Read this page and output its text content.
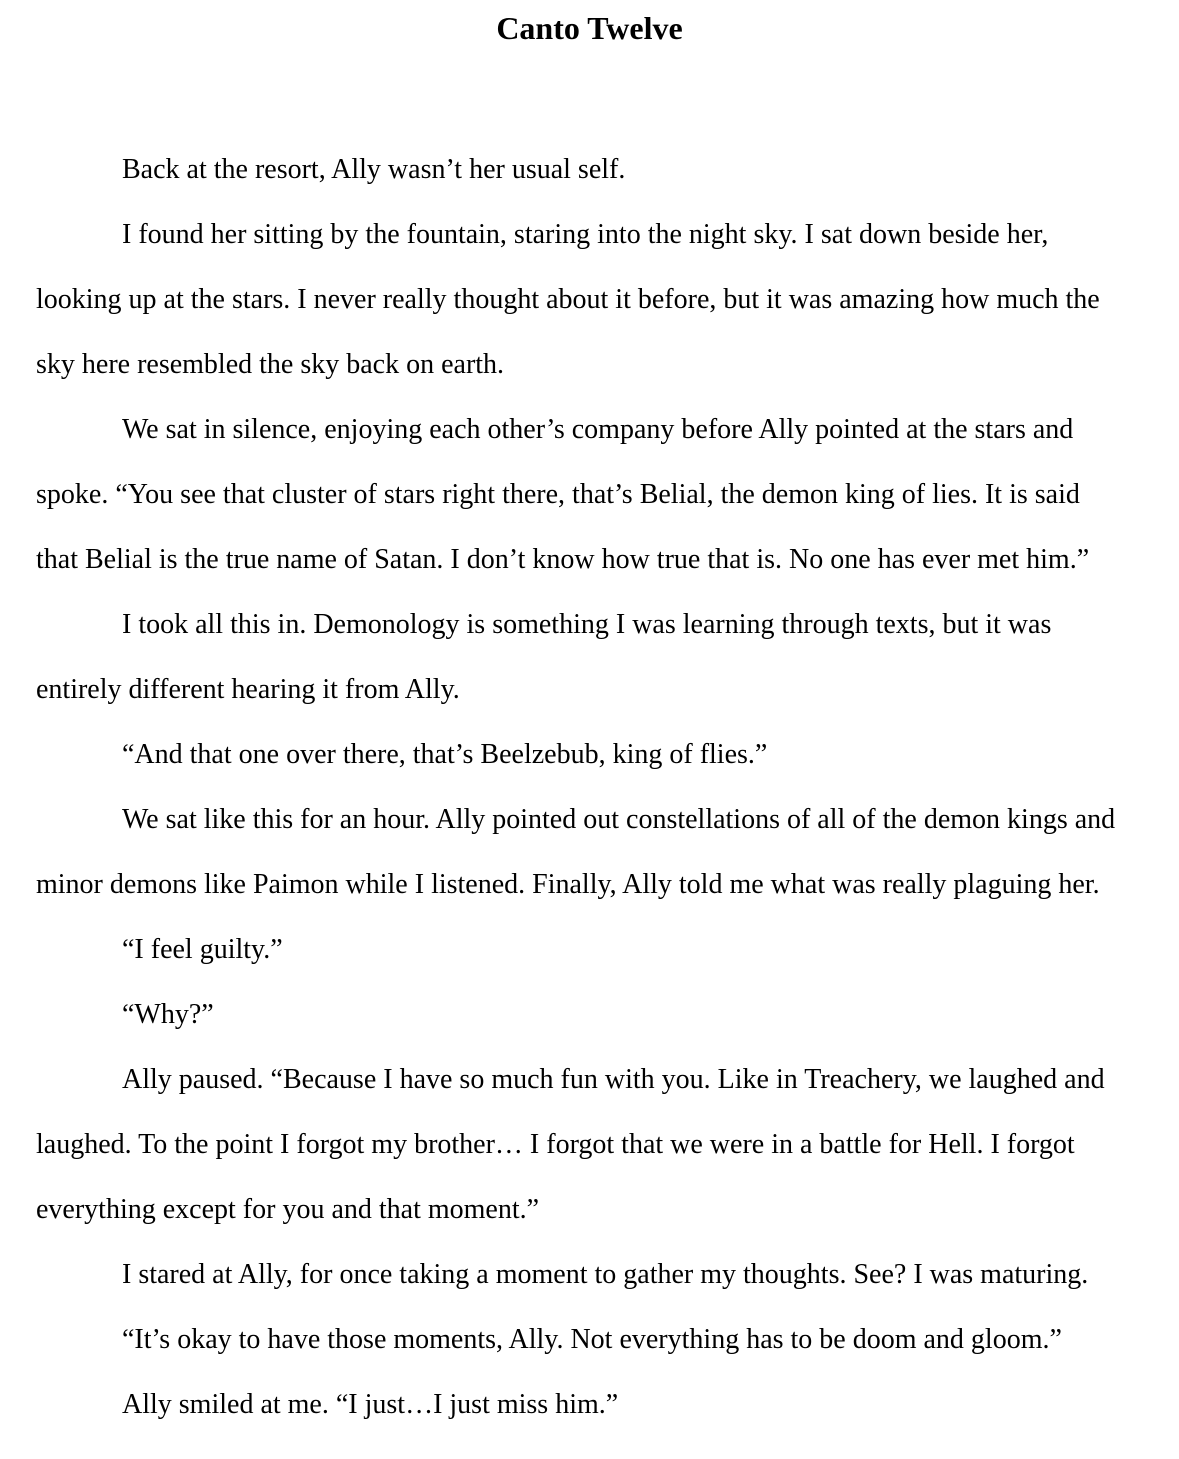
Canto Twelve
Back at the resort, Ally wasn’t her usual self.
I found her sitting by the fountain, staring into the night sky. I sat down beside her,
looking up at the stars. I never really thought about it before, but it was amazing how much the
sky here resembled the sky back on earth.
We sat in silence, enjoying each other’s company before Ally pointed at the stars and
spoke. “You see that cluster of stars right there, that’s Belial, the demon king of lies. It is said
that Belial is the true name of Satan. I don’t know how true that is. No one has ever met him.”
I took all this in. Demonology is something I was learning through texts, but it was
entirely different hearing it from Ally.
“And that one over there, that’s Beelzebub, king of flies.”
We sat like this for an hour. Ally pointed out constellations of all of the demon kings and
minor demons like Paimon while I listened. Finally, Ally told me what was really plaguing her.
“I feel guilty.”
“Why?”
Ally paused. “Because I have so much fun with you. Like in Treachery, we laughed and
laughed. To the point I forgot my brother… I forgot that we were in a battle for Hell. I forgot
everything except for you and that moment.”
I stared at Ally, for once taking a moment to gather my thoughts. See? I was maturing.
“It’s okay to have those moments, Ally. Not everything has to be doom and gloom.”
Ally smiled at me. “I just…I just miss him.”
